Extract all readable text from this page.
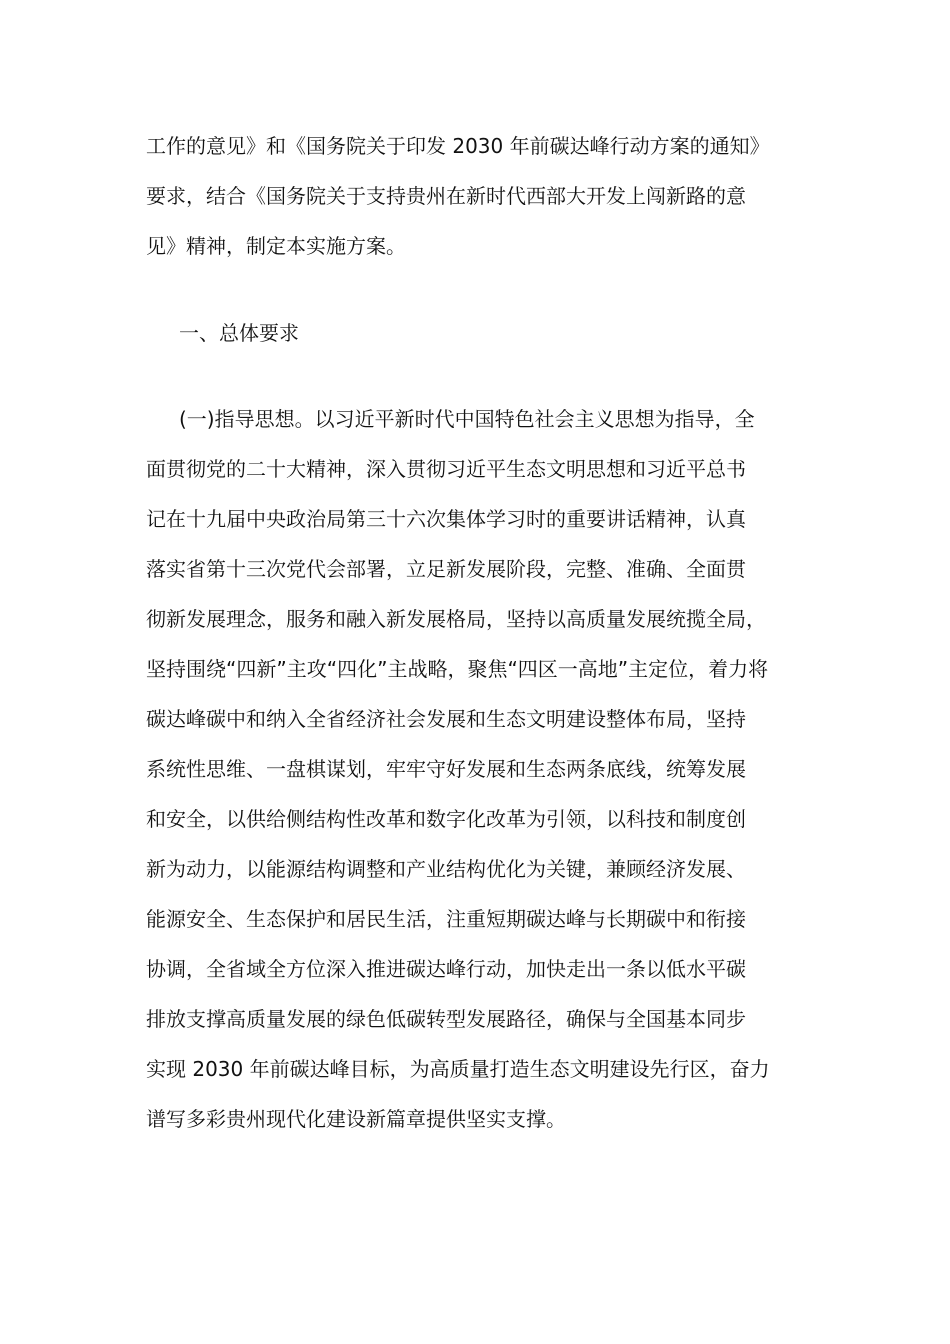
工作的意见》和《国务院关于印发 2030 年前碳达峰行动方案的通知》
要求，结合《国务院关于支持贵州在新时代西部大开发上闯新路的意
见》精神，制定本实施方案。
一、总体要求
(一)指导思想。以习近平新时代中国特色社会主义思想为指导，全
面贯彻党的二十大精神，深入贯彻习近平生态文明思想和习近平总书
记在十九届中央政治局第三十六次集体学习时的重要讲话精神，认真
落实省第十三次党代会部署，立足新发展阶段，完整、准确、全面贯
彻新发展理念，服务和融入新发展格局，坚持以高质量发展统揽全局，
坚持围绕“四新”主攻“四化”主战略，聚焦“四区一高地”主定位，着力将
碳达峰碳中和纳入全省经济社会发展和生态文明建设整体布局，坚持
系统性思维、一盘棋谋划，牢牢守好发展和生态两条底线，统筹发展
和安全，以供给侧结构性改革和数字化改革为引领，以科技和制度创
新为动力，以能源结构调整和产业结构优化为关键，兼顾经济发展、
能源安全、生态保护和居民生活，注重短期碳达峰与长期碳中和衔接
协调，全省域全方位深入推进碳达峰行动，加快走出一条以低水平碳
排放支撑高质量发展的绿色低碳转型发展路径，确保与全国基本同步
实现 2030 年前碳达峰目标，为高质量打造生态文明建设先行区，奋力
谱写多彩贵州现代化建设新篇章提供坚实支撑。
